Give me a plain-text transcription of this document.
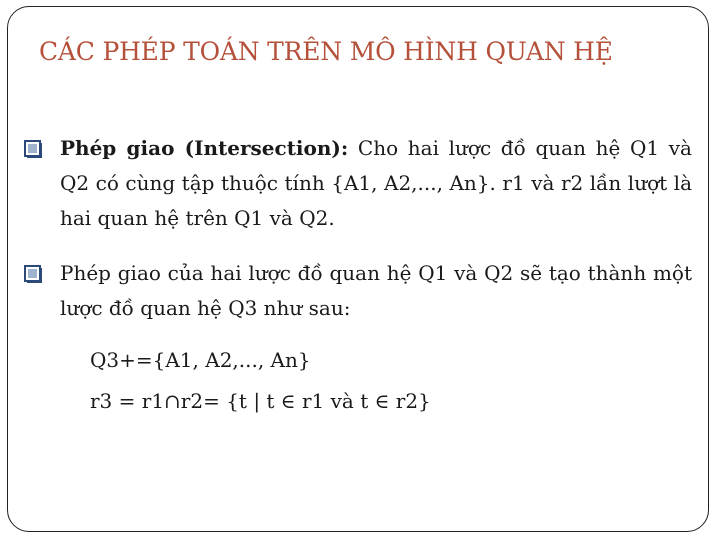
CÁC PHÉP TOÁN TRÊN MÔ HÌNH QUAN HỆ
Phép giao (Intersection): Cho hai lược đồ quan hệ Q1 và Q2 có cùng tập thuộc tính {A1, A2,..., An}. r1 và r2 lần lượt là hai quan hệ trên Q1 và Q2.
Phép giao của hai lược đồ quan hệ Q1 và Q2 sẽ tạo thành một lược đồ quan hệ Q3 như sau:
Q3+={A1, A2,..., An}
r3 = r1∩r2= {t | t ∈ r1 và t ∈ r2}
